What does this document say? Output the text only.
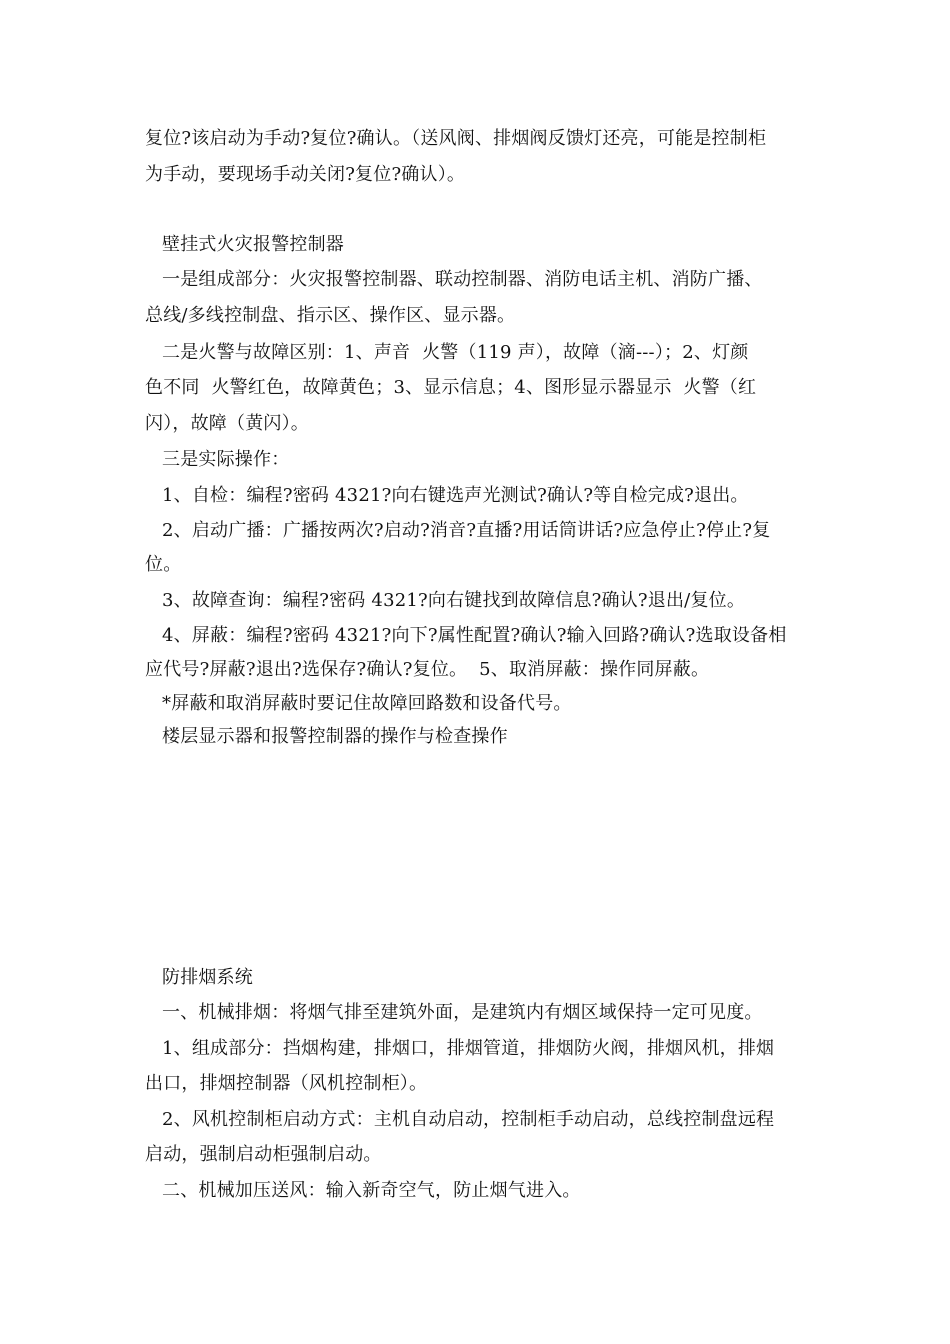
复位?该启动为手动?复位?确认。（送风阀、排烟阀反馈灯还亮，可能是控制柜
为手动，要现场手动关闭?复位?确认）。
壁挂式火灾报警控制器
一是组成部分：火灾报警控制器、联动控制器、消防电话主机、消防广播、
总线/多线控制盘、指示区、操作区、显示器。
二是火警与故障区别：1、声音  火警（119 声），故障（滴---）；2、灯颜
色不同  火警红色，故障黄色；3、显示信息；4、图形显示器显示  火警（红
闪），故障（黄闪）。
三是实际操作：
1、自检：编程?密码 4321?向右键选声光测试?确认?等自检完成?退出。
2、启动广播：广播按两次?启动?消音?直播?用话筒讲话?应急停止?停止?复
位。
3、故障查询：编程?密码 4321?向右键找到故障信息?确认?退出/复位。
4、屏蔽：编程?密码 4321?向下?属性配置?确认?输入回路?确认?选取设备相
应代号?屏蔽?退出?选保存?确认?复位。  5、取消屏蔽：操作同屏蔽。
*屏蔽和取消屏蔽时要记住故障回路数和设备代号。
楼层显示器和报警控制器的操作与检查操作
防排烟系统
一、机械排烟：将烟气排至建筑外面，是建筑内有烟区域保持一定可见度。
1、组成部分：挡烟构建，排烟口，排烟管道，排烟防火阀，排烟风机，排烟
出口，排烟控制器（风机控制柜）。
2、风机控制柜启动方式：主机自动启动，控制柜手动启动，总线控制盘远程
启动，强制启动柜强制启动。
二、机械加压送风：输入新奇空气，防止烟气进入。
